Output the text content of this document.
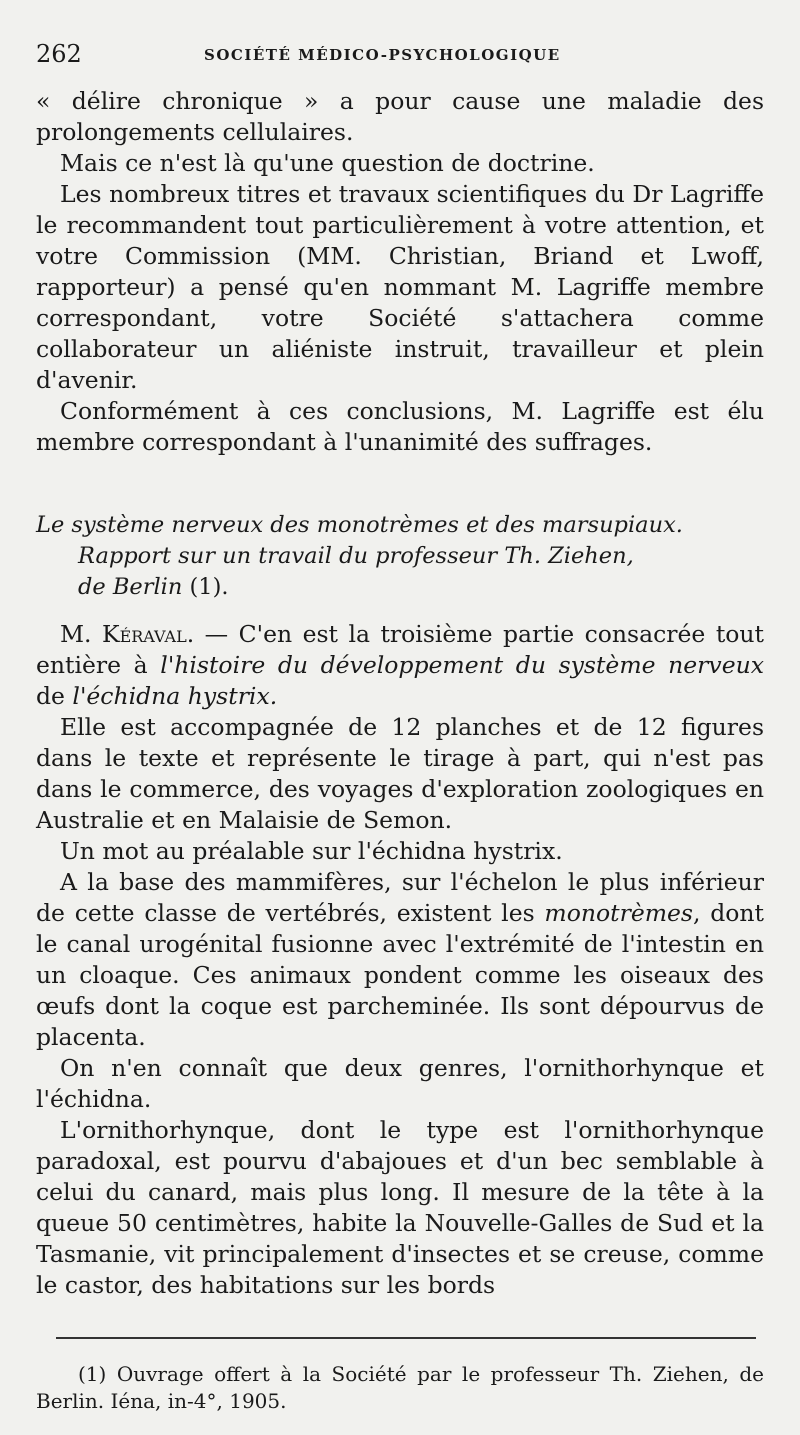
262	SOCIÉTÉ MÉDICO-PSYCHOLOGIQUE

« délire chronique » a pour cause une maladie des prolongements cellulaires.

Mais ce n'est là qu'une question de doctrine.

Les nombreux titres et travaux scientifiques du Dr Lagriffe le recommandent tout particulièrement à votre attention, et votre Commission (MM. Christian, Briand et Lwoff, rapporteur) a pensé qu'en nommant M. Lagriffe membre correspondant, votre Société s'attachera comme collaborateur un aliéniste instruit, travailleur et plein d'avenir.

Conformément à ces conclusions, M. Lagriffe est élu membre correspondant à l'unanimité des suffrages.

Le système nerveux des monotrèmes et des marsupiaux.
Rapport sur un travail du professeur Th. Ziehen,
de Berlin (1).

M. Kéraval. — C'en est la troisième partie consacrée tout entière à l'histoire du développement du système nerveux de l'échidna hystrix.

Elle est accompagnée de 12 planches et de 12 figures dans le texte et représente le tirage à part, qui n'est pas dans le commerce, des voyages d'exploration zoologiques en Australie et en Malaisie de Semon.

Un mot au préalable sur l'échidna hystrix.

A la base des mammifères, sur l'échelon le plus inférieur de cette classe de vertébrés, existent les monotrèmes, dont le canal urogénital fusionne avec l'extrémité de l'intestin en un cloaque. Ces animaux pondent comme les oiseaux des œufs dont la coque est parcheminée. Ils sont dépourvus de placenta.

On n'en connaît que deux genres, l'ornithorhynque et l'échidna.

L'ornithorhynque, dont le type est l'ornithorhynque paradoxal, est pourvu d'abajoues et d'un bec semblable à celui du canard, mais plus long. Il mesure de la tête à la queue 50 centimètres, habite la Nouvelle-Galles de Sud et la Tasmanie, vit principalement d'insectes et se creuse, comme le castor, des habitations sur les bords

(1) Ouvrage offert à la Société par le professeur Th. Ziehen, de Berlin. Iéna, in-4°, 1905.
